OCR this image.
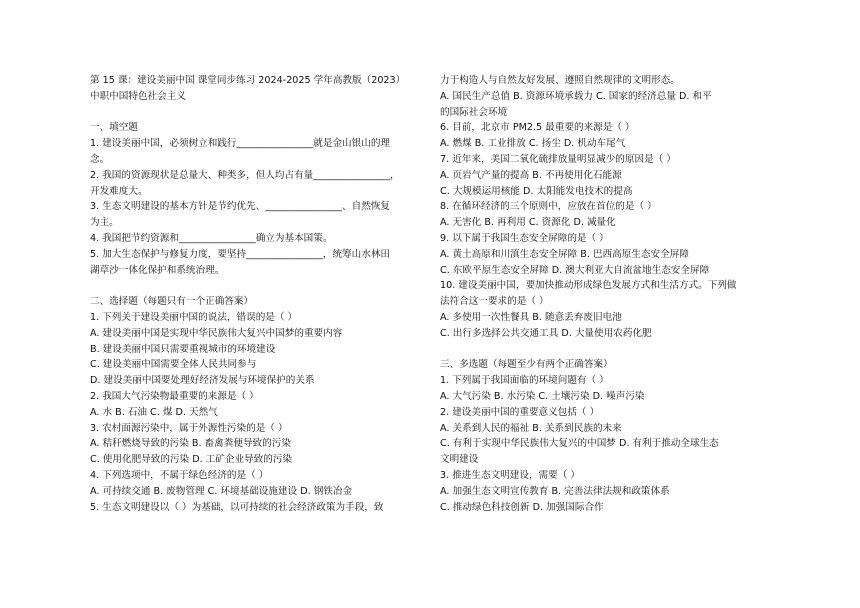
第 15 课：建设美丽中国 课堂同步练习 2024-2025 学年高教版（2023）
中职中国特色社会主义
一、填空题
1. 建设美丽中国，必须树立和践行________________就是金山银山的理
念。
2. 我国的资源现状是总量大、种类多，但人均占有量________________，
开发难度大。
3. 生态文明建设的基本方针是节约优先、________________、自然恢复
为主。
4. 我国把节约资源和________________确立为基本国策。
5. 加大生态保护与修复力度，要坚持________________，统筹山水林田
湖草沙一体化保护和系统治理。
二、选择题（每题只有一个正确答案）
1. 下列关于建设美丽中国的说法，错误的是（ ）
A. 建设美丽中国是实现中华民族伟大复兴中国梦的重要内容
B. 建设美丽中国只需要重视城市的环境建设
C. 建设美丽中国需要全体人民共同参与
D. 建设美丽中国要处理好经济发展与环境保护的关系
2. 我国大气污染物最重要的来源是（ ）
A. 水 B. 石油 C. 煤 D. 天然气
3. 农村面源污染中，属于外源性污染的是（ ）
A. 秸秆燃烧导致的污染 B. 畜禽粪便导致的污染
C. 使用化肥导致的污染 D. 工矿企业导致的污染
4. 下列选项中，不属于绿色经济的是（ ）
A. 可持续交通 B. 废物管理 C. 环境基础设施建设 D. 钢铁冶金
5. 生态文明建设以（ ）为基础，以可持续的社会经济政策为手段，致
力于构造人与自然友好发展、遵照自然规律的文明形态。
A. 国民生产总值 B. 资源环境承载力 C. 国家的经济总量 D. 和平
的国际社会环境
6. 目前，北京市 PM2.5 最重要的来源是（ ）
A. 燃煤 B. 工业排放 C. 扬尘 D. 机动车尾气
7. 近年来，美国二氧化硫排放量明显减少的原因是（ ）
A. 页岩气产量的提高 B. 不再使用化石能源
C. 大规模运用核能 D. 太阳能发电技术的提高
8. 在循环经济的三个原则中，应放在首位的是（ ）
A. 无害化 B. 再利用 C. 资源化 D. 减量化
9. 以下属于我国生态安全屏障的是（ ）
A. 黄土高原和川滇生态安全屏障 B. 巴西高原生态安全屏障
C. 东欧平原生态安全屏障 D. 澳大利亚大自流盆地生态安全屏障
10. 建设美丽中国，要加快推动形成绿色发展方式和生活方式。下列做
法符合这一要求的是（ ）
A. 多使用一次性餐具 B. 随意丢弃废旧电池
C. 出行多选择公共交通工具 D. 大量使用农药化肥
三、多选题（每题至少有两个正确答案）
1. 下列属于我国面临的环境问题有（ ）
A. 大气污染 B. 水污染 C. 土壤污染 D. 噪声污染
2. 建设美丽中国的重要意义包括（ ）
A. 关系到人民的福祉 B. 关系到民族的未来
C. 有利于实现中华民族伟大复兴的中国梦 D. 有利于推动全球生态
文明建设
3. 推进生态文明建设，需要（ ）
A. 加强生态文明宣传教育 B. 完善法律法规和政策体系
C. 推动绿色科技创新 D. 加强国际合作
